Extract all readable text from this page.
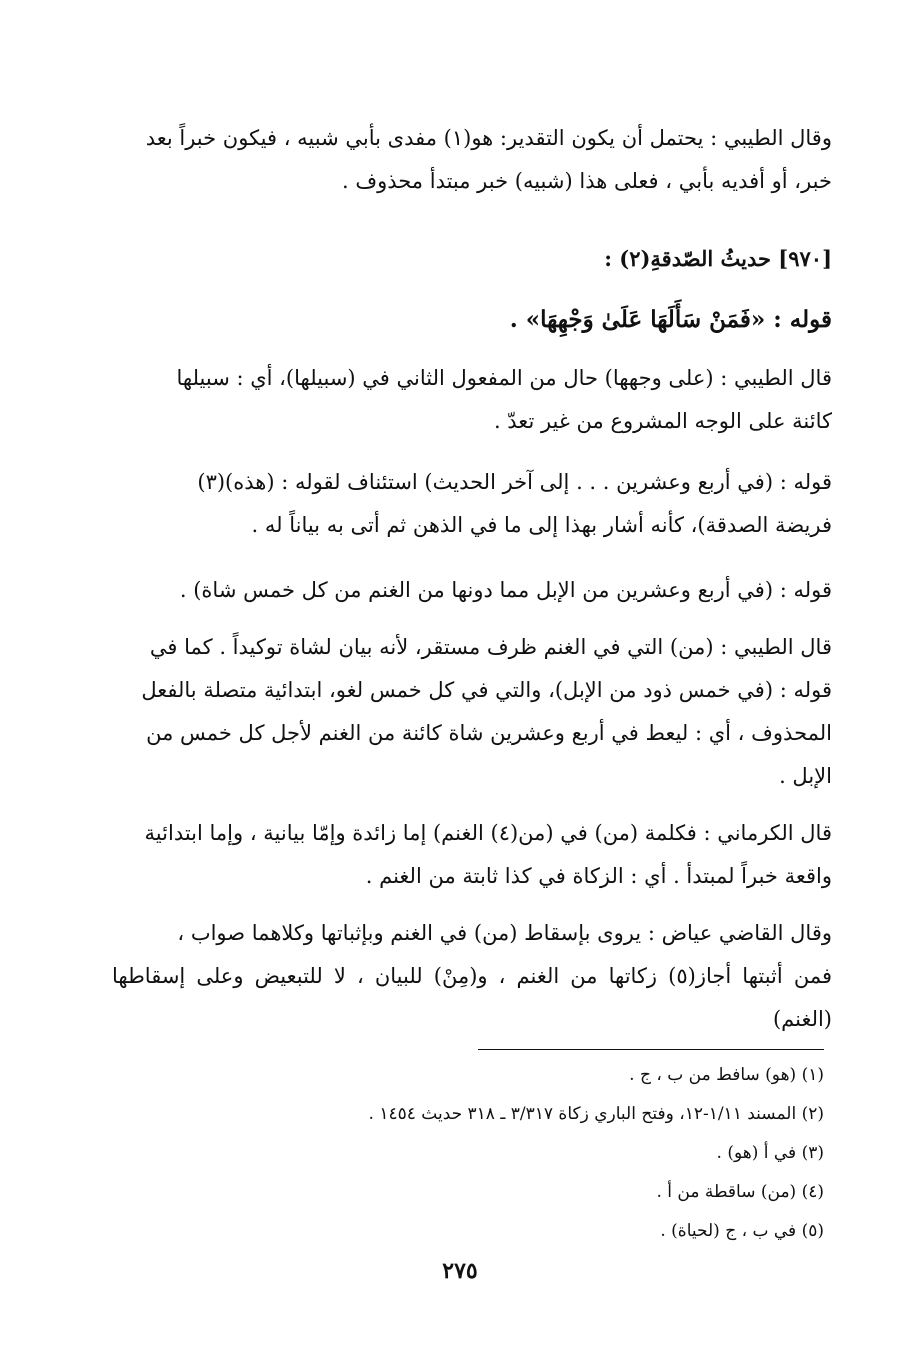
وقال الطيبي : يحتمل أن يكون التقدير: هو(١) مفدى بأبي شبيه ، فيكون خبراً بعد
خبر، أو أفديه بأبي ، فعلى هذا (شبيه) خبر مبتدأ محذوف .

[٩٧٠] حديثُ الصّدقةِ(٢) :

قوله : «فَمَنْ سَأَلَهَا عَلَىٰ وَجْهِهَا» .

قال الطيبي : (على وجهها) حال من المفعول الثاني في (سبيلها)، أي : سبيلها
كائنة على الوجه المشروع من غير تعدّ .

قوله : (في أربع وعشرين . . . إلى آخر الحديث) استئناف لقوله : (هذه)(٣)
فريضة الصدقة)، كأنه أشار بهذا إلى ما في الذهن ثم أتى به بياناً له .

قوله : (في أربع وعشرين من الإبل مما دونها من الغنم من كل خمس شاة) .

قال الطيبي : (من) التي في الغنم ظرف مستقر، لأنه بيان لشاة توكيداً . كما في
قوله : (في خمس ذود من الإبل)، والتي في كل خمس لغو، ابتدائية متصلة بالفعل
المحذوف ، أي : ليعط في أربع وعشرين شاة كائنة من الغنم لأجل كل خمس من
الإبل .

قال الكرماني : فكلمة (من) في (من(٤) الغنم) إما زائدة وإمّا بيانية ، وإما ابتدائية
واقعة خبراً لمبتدأ . أي : الزكاة في كذا ثابتة من الغنم .

وقال القاضي عياض : يروى بإسقاط (من) في الغنم وبإثباتها وكلاهما صواب ،
فمن أثبتها أجاز(٥) زكاتها من الغنم ، و(مِنْ) للبيان ، لا للتبعيض وعلى إسقاطها (الغنم)

(١) (هو) سافط من ب ، ج .

(٢) المسند ١/١١-١٢، وفتح الباري زكاة ٣/٣١٧ ـ ٣١٨ حديث ١٤٥٤ .

(٣) في أ (هو) .

(٤) (من) ساقطة من أ .

(٥) في ب ، ج (لحياة) .

٢٧٥
